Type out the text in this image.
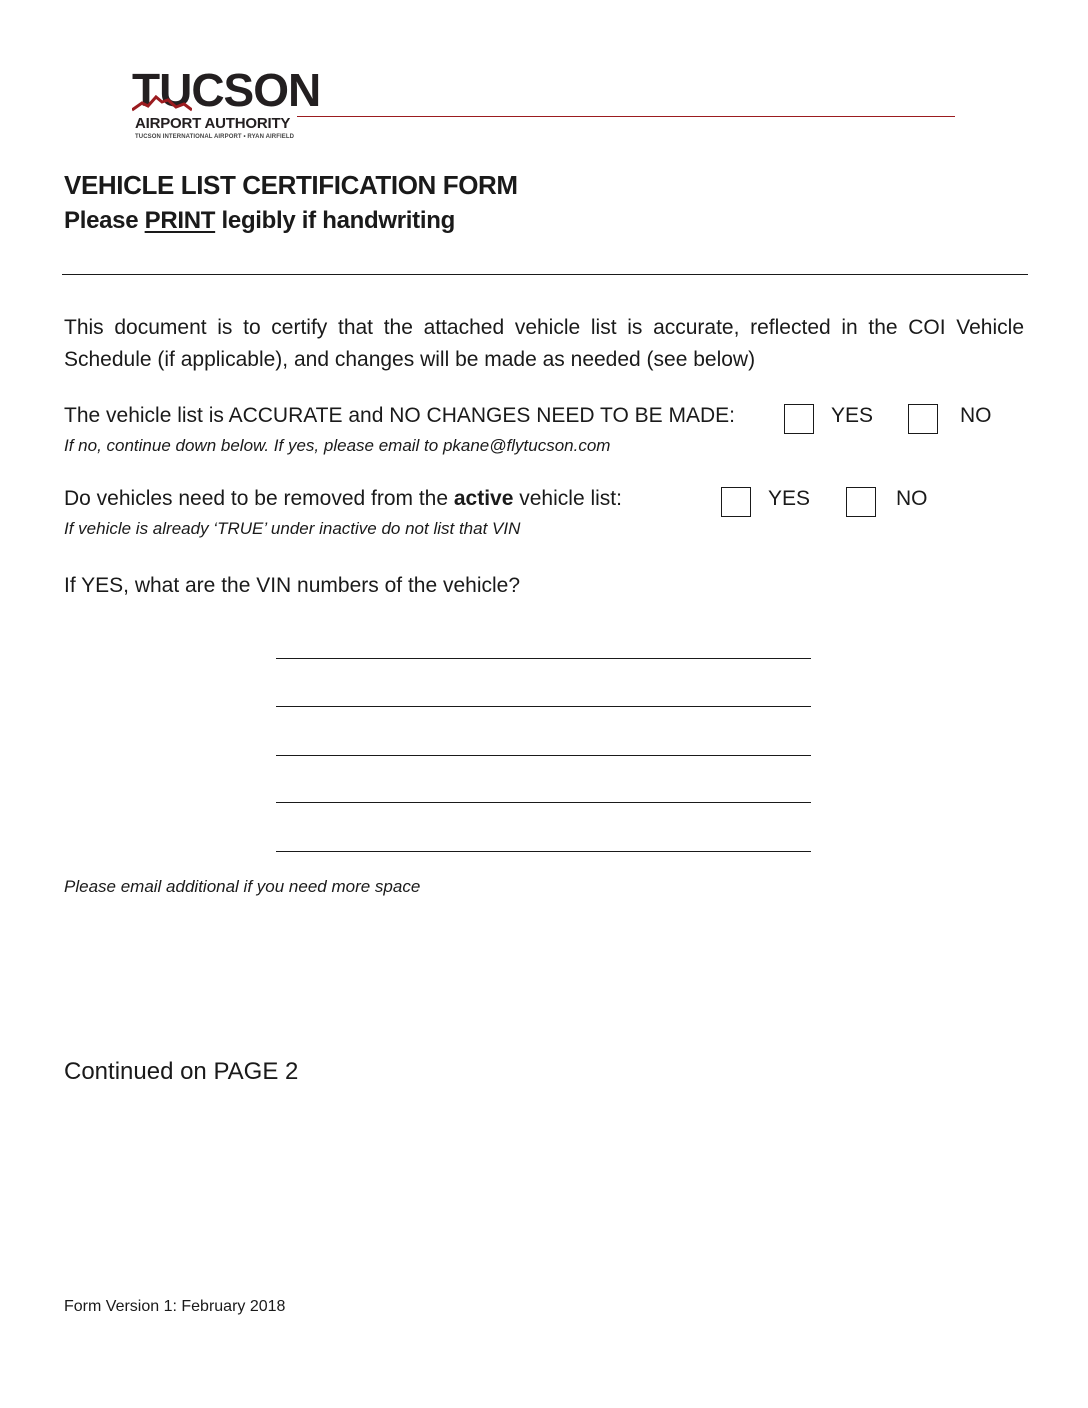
TUCSON
AIRPORT AUTHORITY
TUCSON INTERNATIONAL AIRPORT • RYAN AIRFIELD
VEHICLE LIST CERTIFICATION FORM
Please PRINT legibly if handwriting
This document is to certify that the attached vehicle list is accurate, reflected in the COI Vehicle Schedule (if applicable), and changes will be made as needed (see below)
The vehicle list is ACCURATE and NO CHANGES NEED TO BE MADE:	YES	NO
If no, continue down below. If yes, please email to pkane@flytucson.com
Do vehicles need to be removed from the active vehicle list:	YES	NO
If vehicle is already ‘TRUE’ under inactive do not list that VIN
If YES, what are the VIN numbers of the vehicle?
Please email additional if you need more space
Continued on PAGE 2
Form Version 1: February 2018
